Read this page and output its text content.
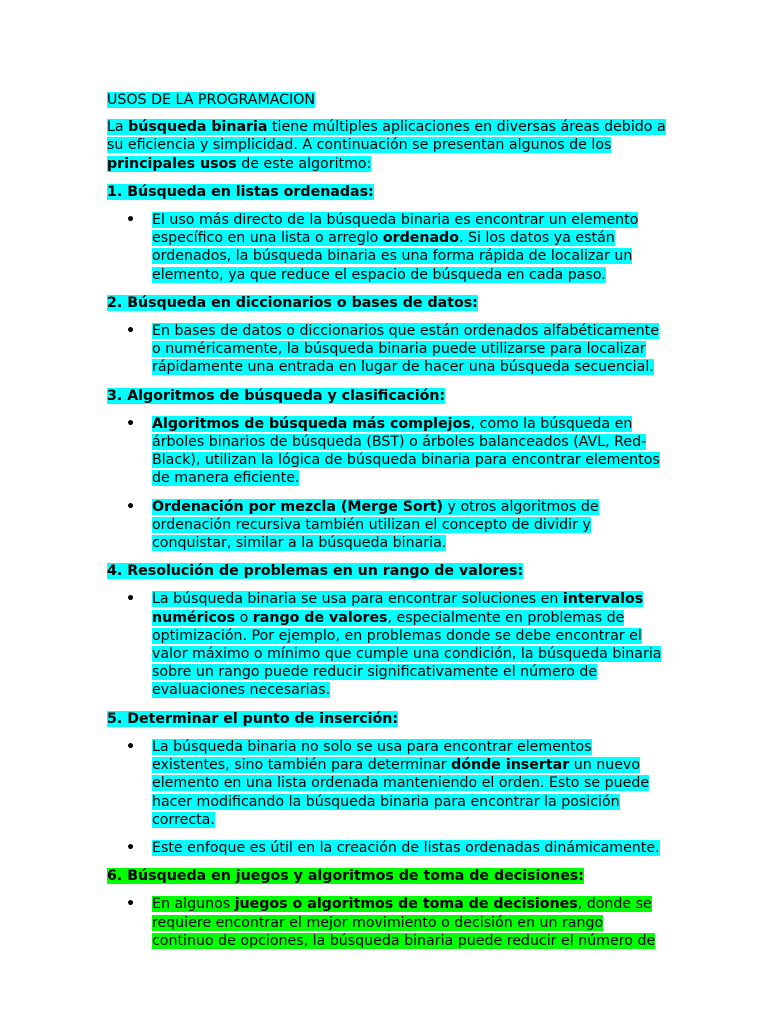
USOS DE LA PROGRAMACION

La búsqueda binaria tiene múltiples aplicaciones en diversas áreas debido a su eficiencia y simplicidad. A continuación se presentan algunos de los principales usos de este algoritmo:

1. Búsqueda en listas ordenadas:

• El uso más directo de la búsqueda binaria es encontrar un elemento específico en una lista o arreglo ordenado. Si los datos ya están ordenados, la búsqueda binaria es una forma rápida de localizar un elemento, ya que reduce el espacio de búsqueda en cada paso.

2. Búsqueda en diccionarios o bases de datos:

• En bases de datos o diccionarios que están ordenados alfabéticamente o numéricamente, la búsqueda binaria puede utilizarse para localizar rápidamente una entrada en lugar de hacer una búsqueda secuencial.

3. Algoritmos de búsqueda y clasificación:

• Algoritmos de búsqueda más complejos, como la búsqueda en árboles binarios de búsqueda (BST) o árboles balanceados (AVL, Red-Black), utilizan la lógica de búsqueda binaria para encontrar elementos de manera eficiente.
• Ordenación por mezcla (Merge Sort) y otros algoritmos de ordenación recursiva también utilizan el concepto de dividir y conquistar, similar a la búsqueda binaria.

4. Resolución de problemas en un rango de valores:

• La búsqueda binaria se usa para encontrar soluciones en intervalos numéricos o rango de valores, especialmente en problemas de optimización. Por ejemplo, en problemas donde se debe encontrar el valor máximo o mínimo que cumple una condición, la búsqueda binaria sobre un rango puede reducir significativamente el número de evaluaciones necesarias.

5. Determinar el punto de inserción:

• La búsqueda binaria no solo se usa para encontrar elementos existentes, sino también para determinar dónde insertar un nuevo elemento en una lista ordenada manteniendo el orden. Esto se puede hacer modificando la búsqueda binaria para encontrar la posición correcta.
• Este enfoque es útil en la creación de listas ordenadas dinámicamente.

6. Búsqueda en juegos y algoritmos de toma de decisiones:

• En algunos juegos o algoritmos de toma de decisiones, donde se requiere encontrar el mejor movimiento o decisión en un rango continuo de opciones, la búsqueda binaria puede reducir el número de
